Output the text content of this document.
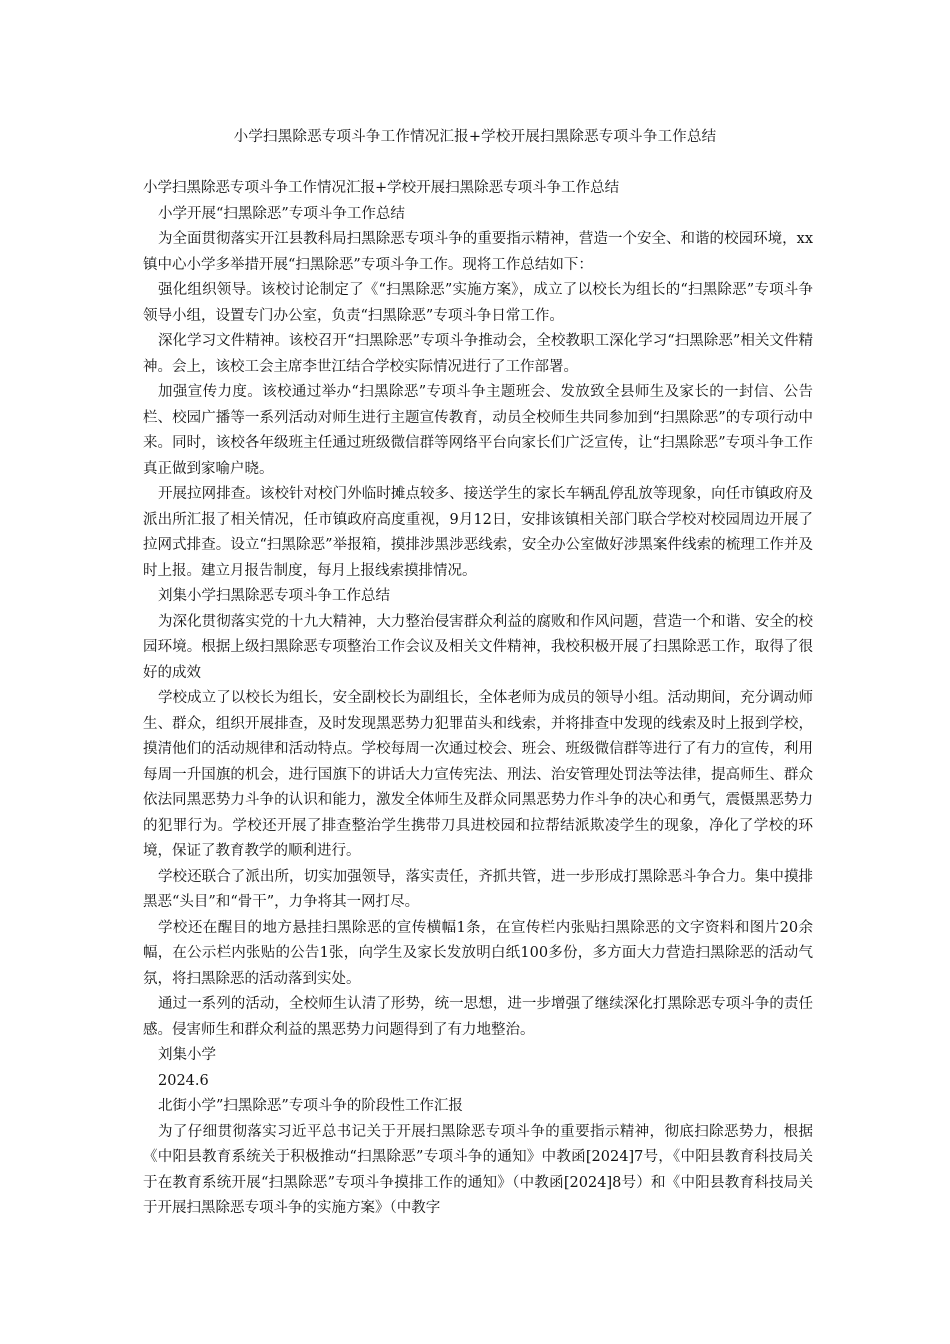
小学扫黑除恶专项斗争工作情况汇报+学校开展扫黑除恶专项斗争工作总结

小学扫黑除恶专项斗争工作情况汇报+学校开展扫黑除恶专项斗争工作总结

小学开展“扫黑除恶”专项斗争工作总结

为全面贯彻落实开江县教科局扫黑除恶专项斗争的重要指示精神，营造一个安全、和谐的校园环境，xx镇中心小学多举措开展“扫黑除恶”专项斗争工作。现将工作总结如下：

强化组织领导。该校讨论制定了《“扫黑除恶”实施方案》，成立了以校长为组长的“扫黑除恶”专项斗争领导小组，设置专门办公室，负责“扫黑除恶”专项斗争日常工作。

深化学习文件精神。该校召开“扫黑除恶”专项斗争推动会，全校教职工深化学习“扫黑除恶”相关文件精神。会上，该校工会主席李世江结合学校实际情况进行了工作部署。

加强宣传力度。该校通过举办“扫黑除恶”专项斗争主题班会、发放致全县师生及家长的一封信、公告栏、校园广播等一系列活动对师生进行主题宣传教育，动员全校师生共同参加到“扫黑除恶”的专项行动中来。同时，该校各年级班主任通过班级微信群等网络平台向家长们广泛宣传，让“扫黑除恶”专项斗争工作真正做到家喻户晓。

开展拉网排查。该校针对校门外临时摊点较多、接送学生的家长车辆乱停乱放等现象，向任市镇政府及派出所汇报了相关情况，任市镇政府高度重视，9月12日，安排该镇相关部门联合学校对校园周边开展了拉网式排查。设立“扫黑除恶”举报箱，摸排涉黑涉恶线索，安全办公室做好涉黑案件线索的梳理工作并及时上报。建立月报告制度，每月上报线索摸排情况。

刘集小学扫黑除恶专项斗争工作总结

为深化贯彻落实党的十九大精神，大力整治侵害群众利益的腐败和作风问题，营造一个和谐、安全的校园环境。根据上级扫黑除恶专项整治工作会议及相关文件精神，我校积极开展了扫黑除恶工作，取得了很好的成效

学校成立了以校长为组长，安全副校长为副组长，全体老师为成员的领导小组。活动期间，充分调动师生、群众，组织开展排查，及时发现黑恶势力犯罪苗头和线索，并将排查中发现的线索及时上报到学校，摸清他们的活动规律和活动特点。学校每周一次通过校会、班会、班级微信群等进行了有力的宣传，利用每周一升国旗的机会，进行国旗下的讲话大力宣传宪法、刑法、治安管理处罚法等法律，提高师生、群众依法同黑恶势力斗争的认识和能力，激发全体师生及群众同黑恶势力作斗争的决心和勇气，震慑黑恶势力的犯罪行为。学校还开展了排查整治学生携带刀具进校园和拉帮结派欺凌学生的现象，净化了学校的环境，保证了教育教学的顺利进行。

学校还联合了派出所，切实加强领导，落实责任，齐抓共管，进一步形成打黑除恶斗争合力。集中摸排黑恶“头目”和“骨干”，力争将其一网打尽。

学校还在醒目的地方悬挂扫黑除恶的宣传横幅1条，在宣传栏内张贴扫黑除恶的文字资料和图片20余幅，在公示栏内张贴的公告1张，向学生及家长发放明白纸100多份，多方面大力营造扫黑除恶的活动气氛，将扫黑除恶的活动落到实处。

通过一系列的活动，全校师生认清了形势，统一思想，进一步增强了继续深化打黑除恶专项斗争的责任感。侵害师生和群众利益的黑恶势力问题得到了有力地整治。

刘集小学

2024.6

北街小学”扫黑除恶”专项斗争的阶段性工作汇报

为了仔细贯彻落实习近平总书记关于开展扫黑除恶专项斗争的重要指示精神，彻底扫除恶势力，根据《中阳县教育系统关于积极推动“扫黑除恶”专项斗争的通知》中教函[2024]7号，《中阳县教育科技局关于在教育系统开展“扫黑除恶”专项斗争摸排工作的通知》（中教函[2024]8号）和《中阳县教育科技局关于开展扫黑除恶专项斗争的实施方案》（中教字
